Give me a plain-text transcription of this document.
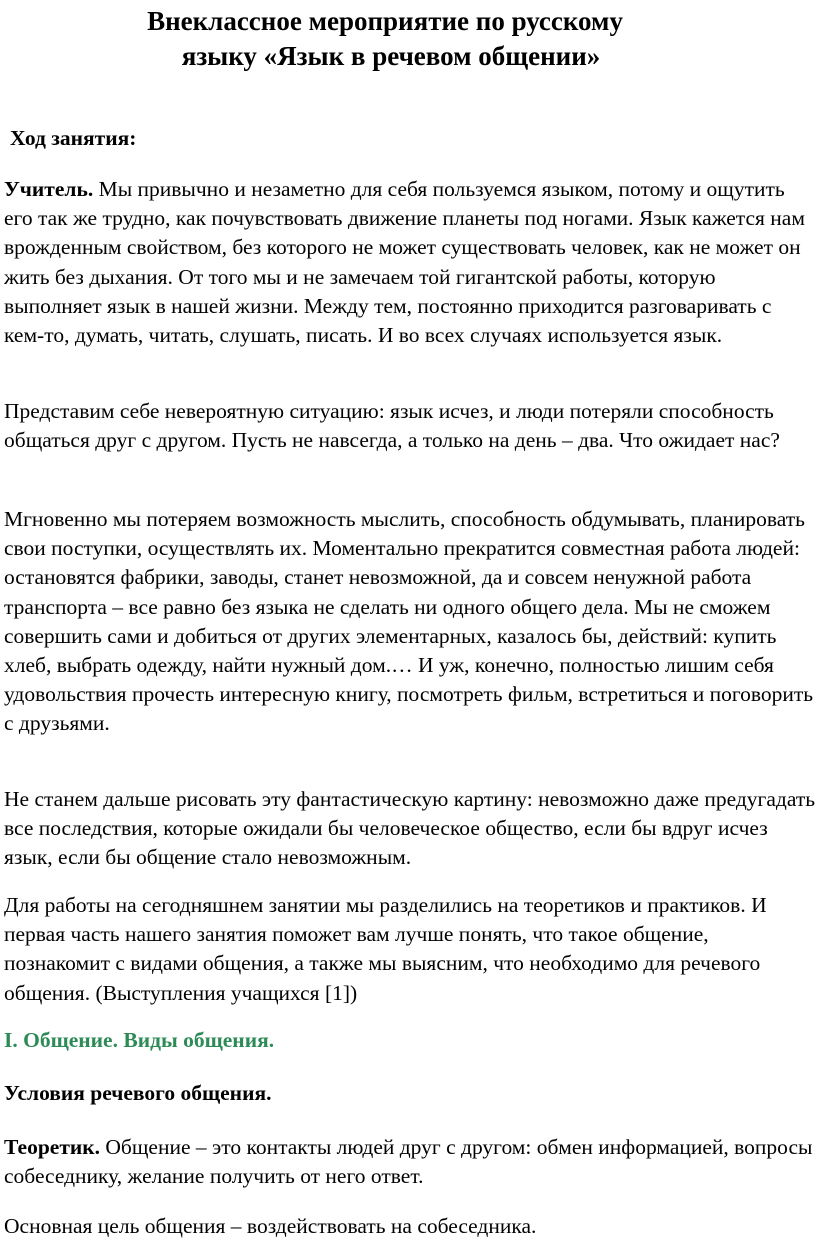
Внеклассное мероприятие по русскому
языку «Язык в речевом общении»

Ход занятия:

Учитель. Мы привычно и незаметно для себя пользуемся языком, потому и ощутить его так же трудно, как почувствовать движение планеты под ногами. Язык кажется нам врожденным свойством, без которого не может существовать человек, как не может он жить без дыхания. От того мы и не замечаем той гигантской работы, которую выполняет язык в нашей жизни. Между тем, постоянно приходится разговаривать с кем-то, думать, читать, слушать, писать. И во всех случаях используется язык.

Представим себе невероятную ситуацию: язык исчез, и люди потеряли способность общаться друг с другом. Пусть не навсегда, а только на день – два. Что ожидает нас?

Мгновенно мы потеряем возможность мыслить, способность обдумывать, планировать свои поступки, осуществлять их. Моментально прекратится совместная работа людей: остановятся фабрики, заводы, станет невозможной, да и совсем ненужной работа транспорта – все равно без языка не сделать ни одного общего дела. Мы не сможем совершить сами и добиться от других элементарных, казалось бы, действий: купить хлеб, выбрать одежду, найти нужный дом.… И уж, конечно, полностью лишим себя удовольствия прочесть интересную книгу, посмотреть фильм, встретиться и поговорить с друзьями.

Не станем дальше рисовать эту фантастическую картину: невозможно даже предугадать все последствия, которые ожидали бы человеческое общество, если бы вдруг исчез язык, если бы общение стало невозможным.

Для работы на сегодняшнем занятии мы разделились на теоретиков и практиков. И первая часть нашего занятия поможет вам лучше понять, что такое общение, познакомит с видами общения, а также мы выясним, что необходимо для речевого общения. (Выступления учащихся [1])

I. Общение. Виды общения.

Условия речевого общения.

Теоретик. Общение – это контакты людей друг с другом: обмен информацией, вопросы собеседнику, желание получить от него ответ.

Основная цель общения – воздействовать на собеседника.
